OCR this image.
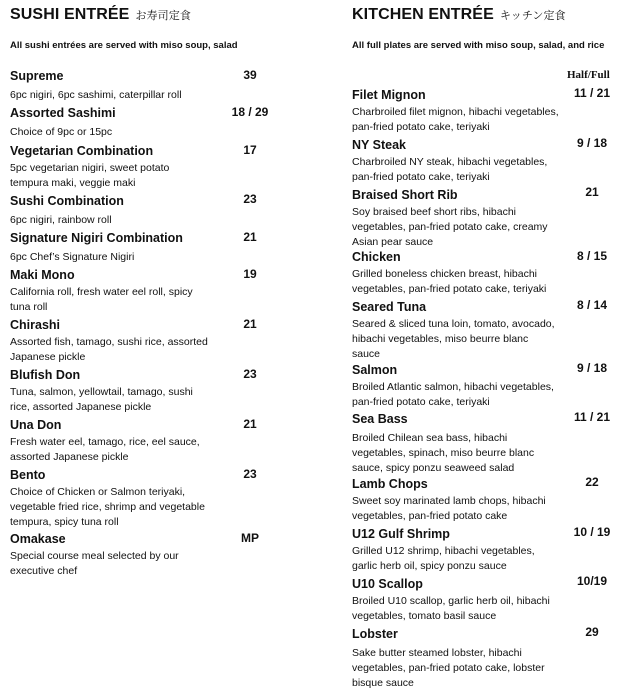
SUSHI ENTRÉE お寿司定食
All sushi entrées are served with miso soup, salad
Supreme
6pc nigiri, 6pc sashimi, caterpillar roll
39
Assorted Sashimi
Choice of 9pc or 15pc
18 / 29
Vegetarian Combination
5pc vegetarian nigiri, sweet potato tempura maki, veggie maki
17
Sushi Combination
6pc nigiri, rainbow roll
23
Signature Nigiri Combination
6pc Chef’s Signature Nigiri
21
Maki Mono
California roll, fresh water eel roll, spicy tuna roll
19
Chirashi
Assorted fish, tamago, sushi rice, assorted Japanese pickle
21
Blufish Don
Tuna, salmon, yellowtail, tamago, sushi rice, assorted Japanese pickle
23
Una Don
Fresh water eel, tamago, rice, eel sauce, assorted Japanese pickle
21
Bento
Choice of Chicken or Salmon teriyaki, vegetable fried rice, shrimp and vegetable tempura, spicy tuna roll
23
Omakase
Special course meal selected by our executive chef
MP
KITCHEN ENTRÉE キッチン定食
All full plates are served with miso soup, salad, and rice
Half/Full
Filet Mignon
Charbroiled filet mignon, hibachi vegetables, pan-fried potato cake, teriyaki
11 / 21
NY Steak
Charbroiled NY steak, hibachi vegetables, pan-fried potato cake, teriyaki
9 / 18
Braised Short Rib
Soy braised beef short ribs, hibachi vegetables, pan-fried potato cake, creamy Asian pear sauce
21
Chicken
Grilled boneless chicken breast, hibachi vegetables, pan-fried potato cake, teriyaki
8 / 15
Seared Tuna
Seared & sliced tuna loin, tomato, avocado, hibachi vegetables, miso beurre blanc sauce
8 / 14
Salmon
Broiled Atlantic salmon, hibachi vegetables, pan-fried potato cake, teriyaki
9 / 18
Sea Bass
Broiled Chilean sea bass, hibachi vegetables, spinach, miso beurre blanc sauce, spicy ponzu seaweed salad
11 / 21
Lamb Chops
Sweet soy marinated lamb chops, hibachi vegetables, pan-fried potato cake
22
U12 Gulf Shrimp
Grilled U12 shrimp, hibachi vegetables, garlic herb oil, spicy ponzu sauce
10 / 19
U10 Scallop
Broiled U10 scallop, garlic herb oil, hibachi vegetables, tomato basil sauce
10/19
Lobster
Sake butter steamed lobster, hibachi vegetables, pan-fried potato cake, lobster bisque sauce
29
